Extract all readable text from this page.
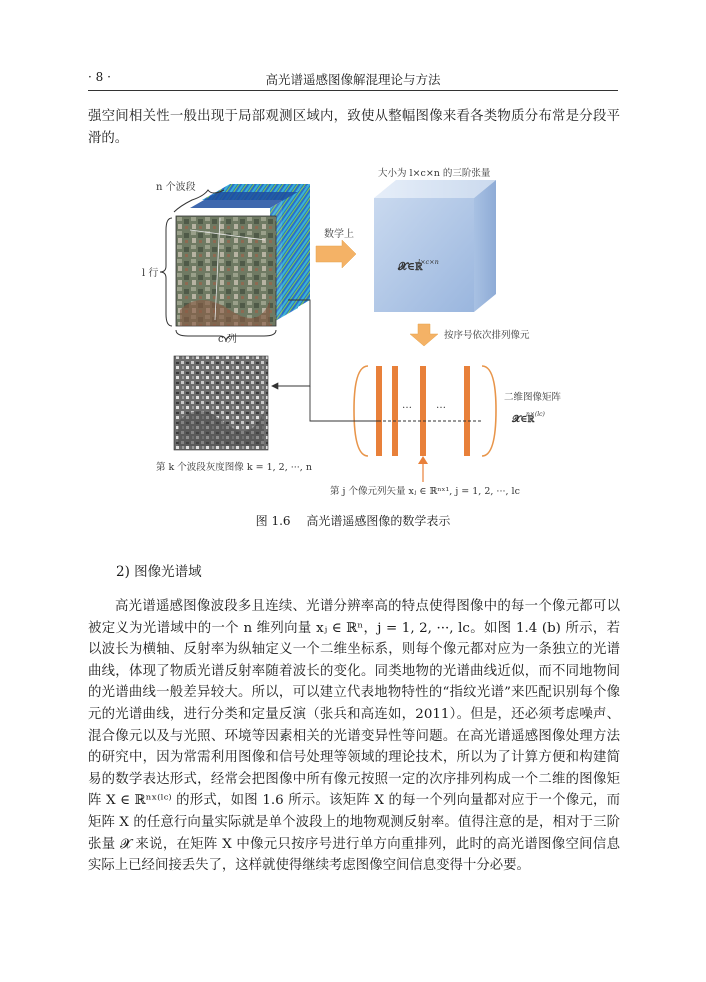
· 8 ·	高光谱遥感图像解混理论与方法

强空间相关性一般出现于局部观测区域内，致使从整幅图像来看各类物质分布常是分段平滑的。

n 个波段
l 行
c 列
数学上
大小为 l×c×n 的三阶张量
𝓧∈ℝ
l×c×n
按序号依次排列像元
第 k 个波段灰度图像 k = 1, 2, ···, n
… …
二维图像矩阵
𝓧∈ℝ
n×(lc)
第 j 个像元列矢量 xⱼ ∈ ℝⁿˣ¹, j = 1, 2, ···, lc
图 1.6 高光谱遥感图像的数学表示
2) 图像光谱域

高光谱遥感图像波段多且连续、光谱分辨率高的特点使得图像中的每一个像元都可以被定义为光谱域中的一个 n 维列向量 xⱼ ∈ ℝⁿ，j = 1, 2, ···, lc。如图 1.4 (b) 所示，若以波长为横轴、反射率为纵轴定义一个二维坐标系，则每个像元都对应为一条独立的光谱曲线，体现了物质光谱反射率随着波长的变化。同类地物的光谱曲线近似，而不同地物间的光谱曲线一般差异较大。所以，可以建立代表地物特性的“指纹光谱”来匹配识别每个像元的光谱曲线，进行分类和定量反演（张兵和高连如，2011）。但是，还必须考虑噪声、混合像元以及与光照、环境等因素相关的光谱变异性等问题。在高光谱遥感图像处理方法的研究中，因为常需利用图像和信号处理等领域的理论技术，所以为了计算方便和构建简易的数学表达形式，经常会把图像中所有像元按照一定的次序排列构成一个二维的图像矩阵 X ∈ ℝⁿˣ⁽ˡᶜ⁾ 的形式，如图 1.6 所示。该矩阵 X 的每一个列向量都对应于一个像元，而矩阵 X 的任意行向量实际就是单个波段上的地物观测反射率。值得注意的是，相对于三阶张量 𝓧 来说，在矩阵 X 中像元只按序号进行单方向重排列，此时的高光谱图像空间信息实际上已经间接丢失了，这样就使得继续考虑图像空间信息变得十分必要。
